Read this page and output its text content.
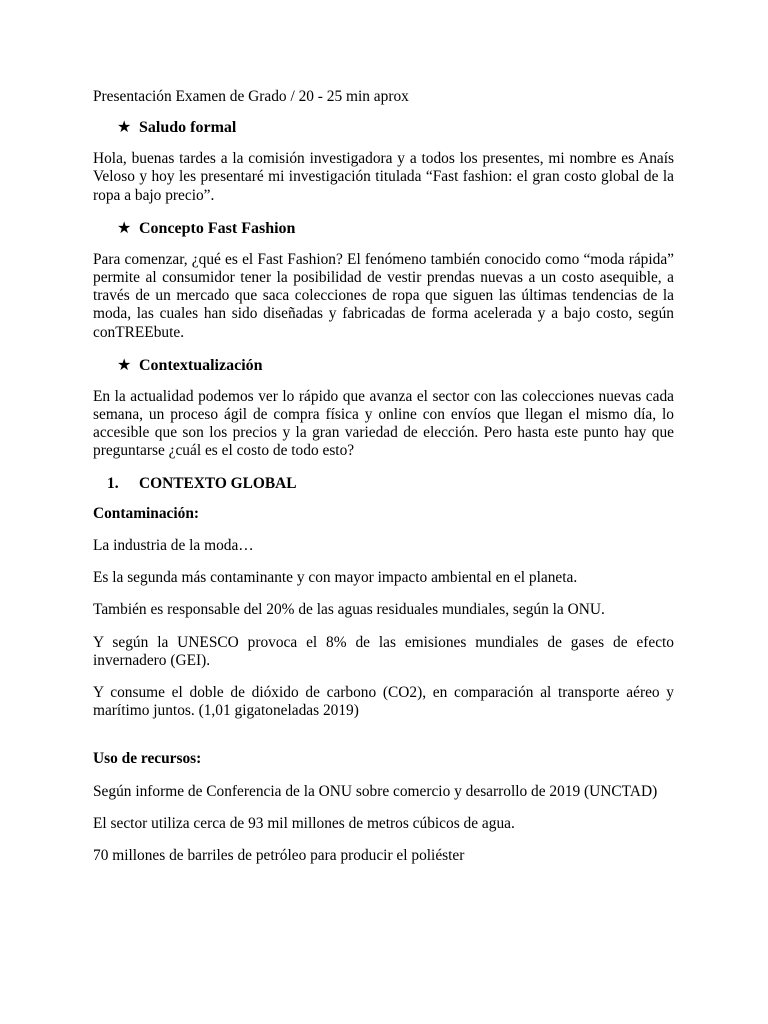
Presentación Examen de Grado / 20 - 25 min aprox
★ Saludo formal

Hola, buenas tardes a la comisión investigadora y a todos los presentes, mi nombre es Anaís Veloso y hoy les presentaré mi investigación titulada “Fast fashion: el gran costo global de la ropa a bajo precio”.

★ Concepto Fast Fashion

Para comenzar, ¿qué es el Fast Fashion? El fenómeno también conocido como “moda rápida” permite al consumidor tener la posibilidad de vestir prendas nuevas a un costo asequible, a través de un mercado que saca colecciones de ropa que siguen las últimas tendencias de la moda, las cuales han sido diseñadas y fabricadas de forma acelerada y a bajo costo, según conTREEbute.

★ Contextualización

En la actualidad podemos ver lo rápido que avanza el sector con las colecciones nuevas cada semana, un proceso ágil de compra física y online con envíos que llegan el mismo día, lo accesible que son los precios y la gran variedad de elección. Pero hasta este punto hay que preguntarse ¿cuál es el costo de todo esto?

1. CONTEXTO GLOBAL
Contaminación:

La industria de la moda…

Es la segunda más contaminante y con mayor impacto ambiental en el planeta.

También es responsable del 20% de las aguas residuales mundiales, según la ONU.

Y según la UNESCO provoca el 8% de las emisiones mundiales de gases de efecto invernadero (GEI).

Y consume el doble de dióxido de carbono (CO2), en comparación al transporte aéreo y marítimo juntos. (1,01 gigatoneladas 2019)

Uso de recursos:

Según informe de Conferencia de la ONU sobre comercio y desarrollo de 2019 (UNCTAD)

El sector utiliza cerca de 93 mil millones de metros cúbicos de agua.

70 millones de barriles de petróleo para producir el poliéster
